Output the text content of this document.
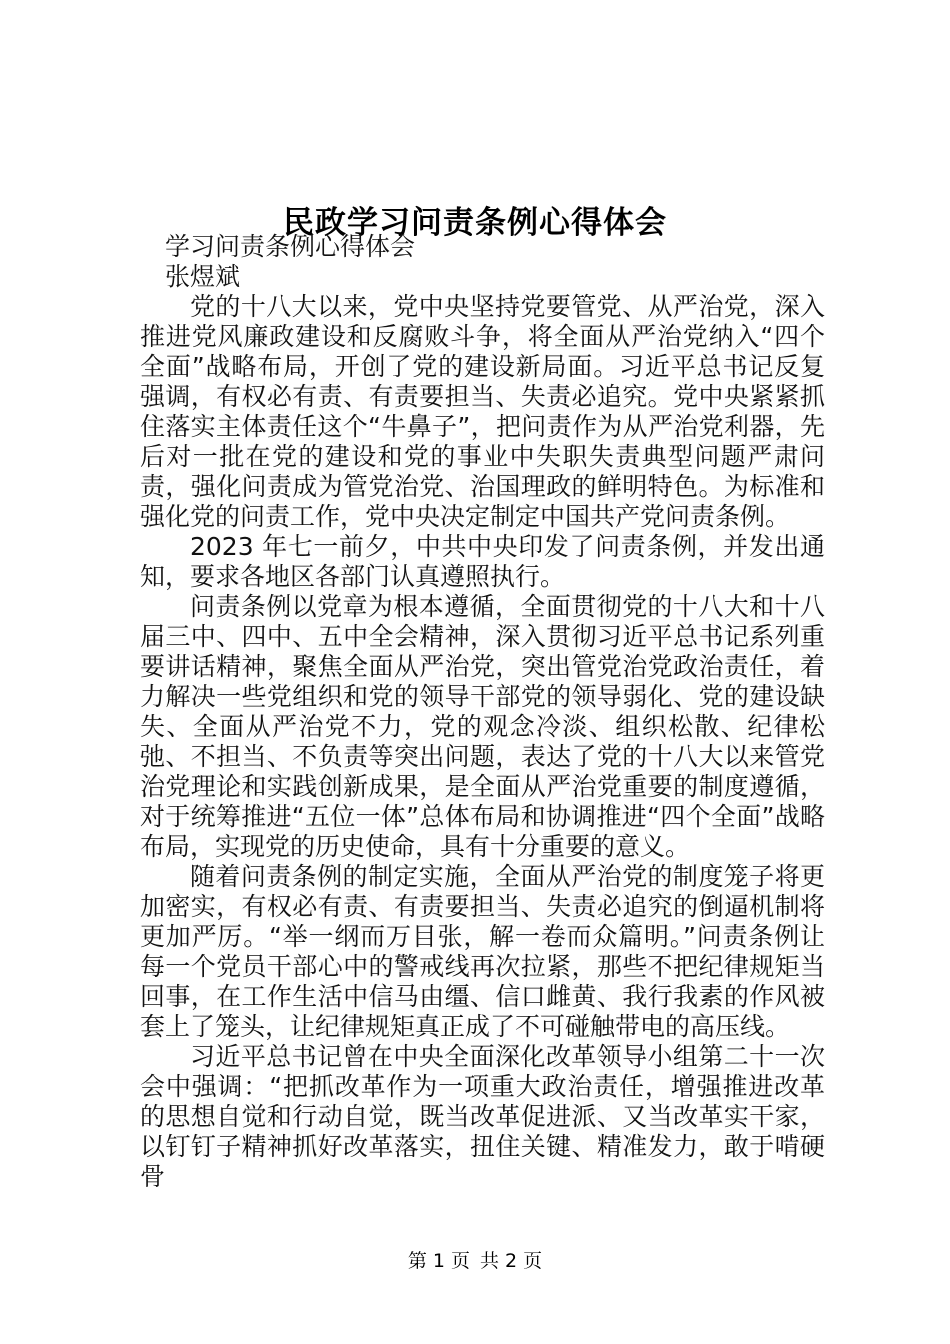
民政学习问责条例心得体会

学习问责条例心得体会

张煜斌

党的十八大以来，党中央坚持党要管党、从严治党，深入推进党风廉政建设和反腐败斗争，将全面从严治党纳入“四个全面”战略布局，开创了党的建设新局面。习近平总书记反复强调，有权必有责、有责要担当、失责必追究。党中央紧紧抓住落实主体责任这个“牛鼻子”，把问责作为从严治党利器，先后对一批在党的建设和党的事业中失职失责典型问题严肃问责，强化问责成为管党治党、治国理政的鲜明特色。为标准和强化党的问责工作，党中央决定制定中国共产党问责条例。

2023 年七一前夕，中共中央印发了问责条例，并发出通知，要求各地区各部门认真遵照执行。

问责条例以党章为根本遵循，全面贯彻党的十八大和十八届三中、四中、五中全会精神，深入贯彻习近平总书记系列重要讲话精神，聚焦全面从严治党，突出管党治党政治责任，着力解决一些党组织和党的领导干部党的领导弱化、党的建设缺失、全面从严治党不力，党的观念冷淡、组织松散、纪律松弛、不担当、不负责等突出问题，表达了党的十八大以来管党治党理论和实践创新成果，是全面从严治党重要的制度遵循，对于统筹推进“五位一体”总体布局和协调推进“四个全面”战略布局，实现党的历史使命，具有十分重要的意义。

随着问责条例的制定实施，全面从严治党的制度笼子将更加密实，有权必有责、有责要担当、失责必追究的倒逼机制将更加严厉。“举一纲而万目张，解一卷而众篇明。”问责条例让每一个党员干部心中的警戒线再次拉紧，那些不把纪律规矩当回事，在工作生活中信马由缰、信口雌黄、我行我素的作风被套上了笼头，让纪律规矩真正成了不可碰触带电的高压线。

习近平总书记曾在中央全面深化改革领导小组第二十一次会中强调：“把抓改革作为一项重大政治责任，增强推进改革的思想自觉和行动自觉，既当改革促进派、又当改革实干家，以钉钉子精神抓好改革落实，扭住关键、精准发力，敢于啃硬骨

第 1 页 共 2 页
